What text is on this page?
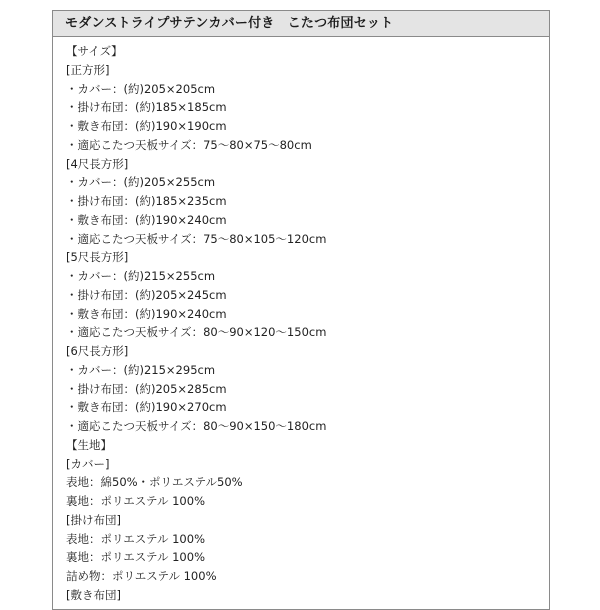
モダンストライプサテンカバー付き　こたつ布団セット
【サイズ】
[正方形]
・カバー：(約)205×205cm
・掛け布団：(約)185×185cm
・敷き布団：(約)190×190cm
・適応こたつ天板サイズ：75〜80×75〜80cm
[4尺長方形]
・カバー：(約)205×255cm
・掛け布団：(約)185×235cm
・敷き布団：(約)190×240cm
・適応こたつ天板サイズ：75〜80×105〜120cm
[5尺長方形]
・カバー：(約)215×255cm
・掛け布団：(約)205×245cm
・敷き布団：(約)190×240cm
・適応こたつ天板サイズ：80〜90×120〜150cm
[6尺長方形]
・カバー：(約)215×295cm
・掛け布団：(約)205×285cm
・敷き布団：(約)190×270cm
・適応こたつ天板サイズ：80〜90×150〜180cm
【生地】
[カバー]
表地：綿50%・ポリエステル50%
裏地：ポリエステル 100%
[掛け布団]
表地：ポリエステル 100%
裏地：ポリエステル 100%
詰め物：ポリエステル 100%
[敷き布団]
